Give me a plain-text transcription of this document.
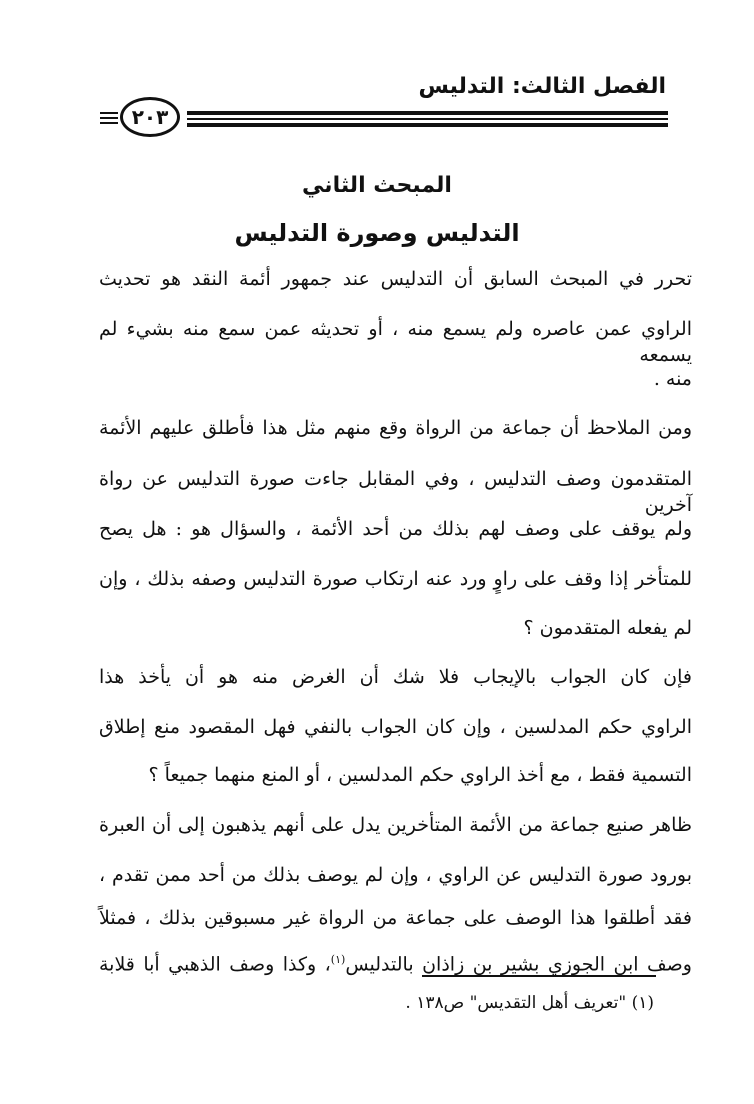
الفصل الثالث: التدليس
٢٠٣
المبحث الثاني
التدليس وصورة التدليس
تحرر في المبحث السابق أن التدليس عند جمهور أئمة النقد هو تحديث
الراوي عمن عاصره ولم يسمع منه ، أو تحديثه عمن سمع منه بشيء لم يسمعه
منه .
ومن الملاحظ أن جماعة من الرواة وقع منهم مثل هذا فأطلق عليهم الأئمة
المتقدمون وصف التدليس ، وفي المقابل جاءت صورة التدليس عن رواة آخرين
ولم يوقف على وصف لهم بذلك من أحد الأئمة ، والسؤال هو : هل يصح
للمتأخر إذا وقف على راوٍ ورد عنه ارتكاب صورة التدليس وصفه بذلك ، وإن
لم يفعله المتقدمون ؟
فإن كان الجواب بالإيجاب فلا شك أن الغرض منه هو أن يأخذ هذا
الراوي حكم المدلسين ، وإن كان الجواب بالنفي فهل المقصود منع إطلاق
التسمية فقط ، مع أخذ الراوي حكم المدلسين ، أو المنع منهما جميعاً ؟
ظاهر صنيع جماعة من الأئمة المتأخرين يدل على أنهم يذهبون إلى أن العبرة
بورود صورة التدليس عن الراوي ، وإن لم يوصف بذلك من أحد ممن تقدم ،
فقد أطلقوا هذا الوصف على جماعة من الرواة غير مسبوقين بذلك ، فمثلاً
وصف ابن الجوزي بشير بن زاذان بالتدليس$^{(١)}$، وكذا وصف الذهبي أبا قلابة
(١) "تعريف أهل التقديس" ص١٣٨ .
